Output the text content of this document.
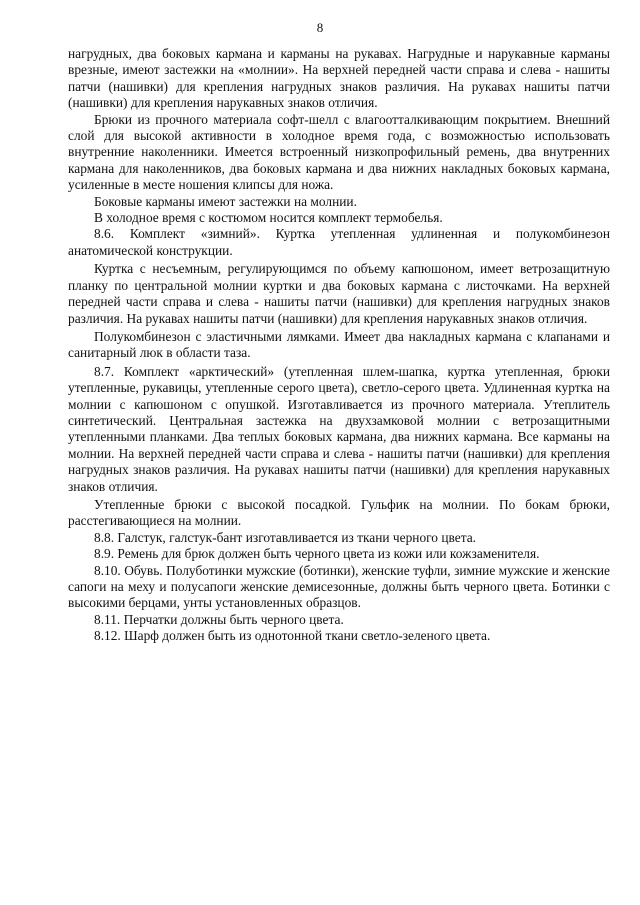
8

нагрудных, два боковых кармана и карманы на рукавах. Нагрудные и нарукавные карманы врезные, имеют застежки на «молнии». На верхней передней части справа и слева - нашиты патчи (нашивки) для крепления нагрудных знаков различия. На рукавах нашиты патчи (нашивки) для крепления нарукавных знаков отличия.

Брюки из прочного материала софт-шелл с влагоотталкивающим покрытием. Внешний слой для высокой активности в холодное время года, с возможностью использовать внутренние наколенники. Имеется встроенный низкопрофильный ремень, два внутренних кармана для наколенников, два боковых кармана и два нижних накладных боковых кармана, усиленные в месте ношения клипсы для ножа.

Боковые карманы имеют застежки на молнии.

В холодное время с костюмом носится комплект термобелья.

8.6. Комплект «зимний». Куртка утепленная удлиненная и полукомбинезон анатомической конструкции.

Куртка с несъемным, регулирующимся по объему капюшоном, имеет ветрозащитную планку по центральной молнии куртки и два боковых кармана с листочками. На верхней передней части справа и слева - нашиты патчи (нашивки) для крепления нагрудных знаков различия. На рукавах нашиты патчи (нашивки) для крепления нарукавных знаков отличия.

Полукомбинезон с эластичными лямками. Имеет два накладных кармана с клапанами и санитарный люк в области таза.

8.7. Комплект «арктический» (утепленная шлем-шапка, куртка утепленная, брюки утепленные, рукавицы, утепленные серого цвета), светло-серого цвета. Удлиненная куртка на молнии с капюшоном с опушкой. Изготавливается из прочного материала. Утеплитель синтетический. Центральная застежка на двухзамковой молнии с ветрозащитными утепленными планками. Два теплых боковых кармана, два нижних кармана. Все карманы на молнии. На верхней передней части справа и слева - нашиты патчи (нашивки) для крепления нагрудных знаков различия. На рукавах нашиты патчи (нашивки) для крепления нарукавных знаков отличия.

Утепленные брюки с высокой посадкой. Гульфик на молнии. По бокам брюки, расстегивающиеся на молнии.

8.8. Галстук, галстук-бант изготавливается из ткани черного цвета.

8.9. Ремень для брюк должен быть черного цвета из кожи или кожзаменителя.

8.10. Обувь. Полуботинки мужские (ботинки), женские туфли, зимние мужские и женские сапоги на меху и полусапоги женские демисезонные, должны быть черного цвета. Ботинки с высокими берцами, унты установленных образцов.

8.11. Перчатки должны быть черного цвета.

8.12. Шарф должен быть из однотонной ткани светло-зеленого цвета.
